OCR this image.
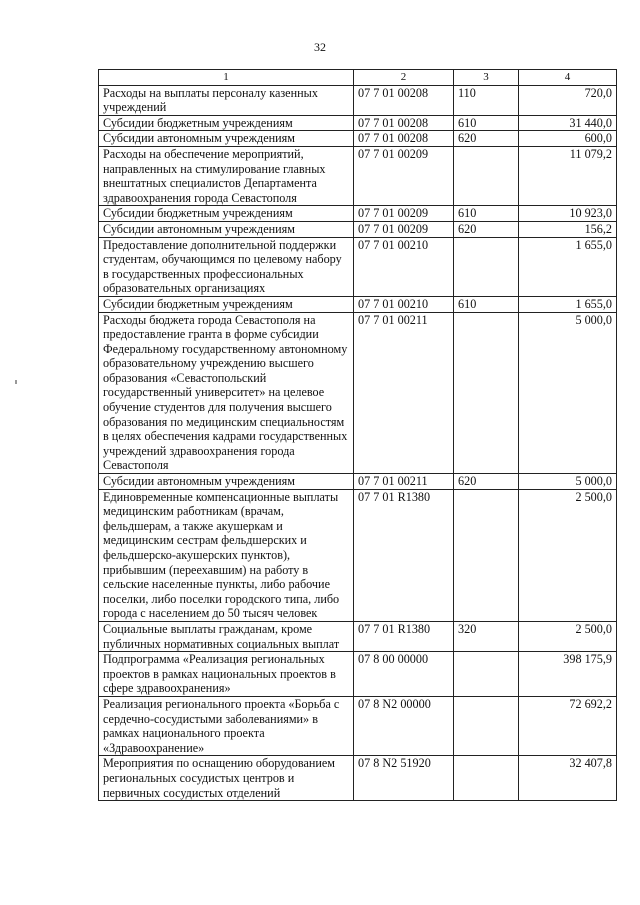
32
1	2	3	4
Расходы на выплаты персоналу казенных учреждений	07 7 01 00208	110	720,0
Субсидии бюджетным учреждениям	07 7 01 00208	610	31 440,0
Субсидии автономным учреждениям	07 7 01 00208	620	600,0
Расходы на обеспечение мероприятий, направленных на стимулирование главных внештатных специалистов Департамента здравоохранения города Севастополя	07 7 01 00209		11 079,2
Субсидии бюджетным учреждениям	07 7 01 00209	610	10 923,0
Субсидии автономным учреждениям	07 7 01 00209	620	156,2
Предоставление дополнительной поддержки студентам, обучающимся по целевому набору в государственных профессиональных образовательных организациях	07 7 01 00210		1 655,0
Субсидии бюджетным учреждениям	07 7 01 00210	610	1 655,0
Расходы бюджета города Севастополя на предоставление гранта в форме субсидии Федеральному государственному автономному образовательному учреждению высшего образования «Севастопольский государственный университет» на целевое обучение студентов для получения высшего образования по медицинским специальностям в целях обеспечения кадрами государственных учреждений здравоохранения города Севастополя	07 7 01 00211		5 000,0
Субсидии автономным учреждениям	07 7 01 00211	620	5 000,0
Единовременные компенсационные выплаты медицинским работникам (врачам, фельдшерам, а также акушеркам и медицинским сестрам фельдшерских и фельдшерско-акушерских пунктов), прибывшим (переехавшим) на работу в сельские населенные пункты, либо рабочие поселки, либо поселки городского типа, либо города с населением до 50 тысяч человек	07 7 01 R1380		2 500,0
Социальные выплаты гражданам, кроме публичных нормативных социальных выплат	07 7 01 R1380	320	2 500,0
Подпрограмма «Реализация региональных проектов в рамках национальных проектов в сфере здравоохранения»	07 8 00 00000		398 175,9
Реализация регионального проекта «Борьба с сердечно-сосудистыми заболеваниями» в рамках национального проекта «Здравоохранение»	07 8 N2 00000		72 692,2
Мероприятия по оснащению оборудованием региональных сосудистых центров и первичных сосудистых отделений	07 8 N2 51920		32 407,8
